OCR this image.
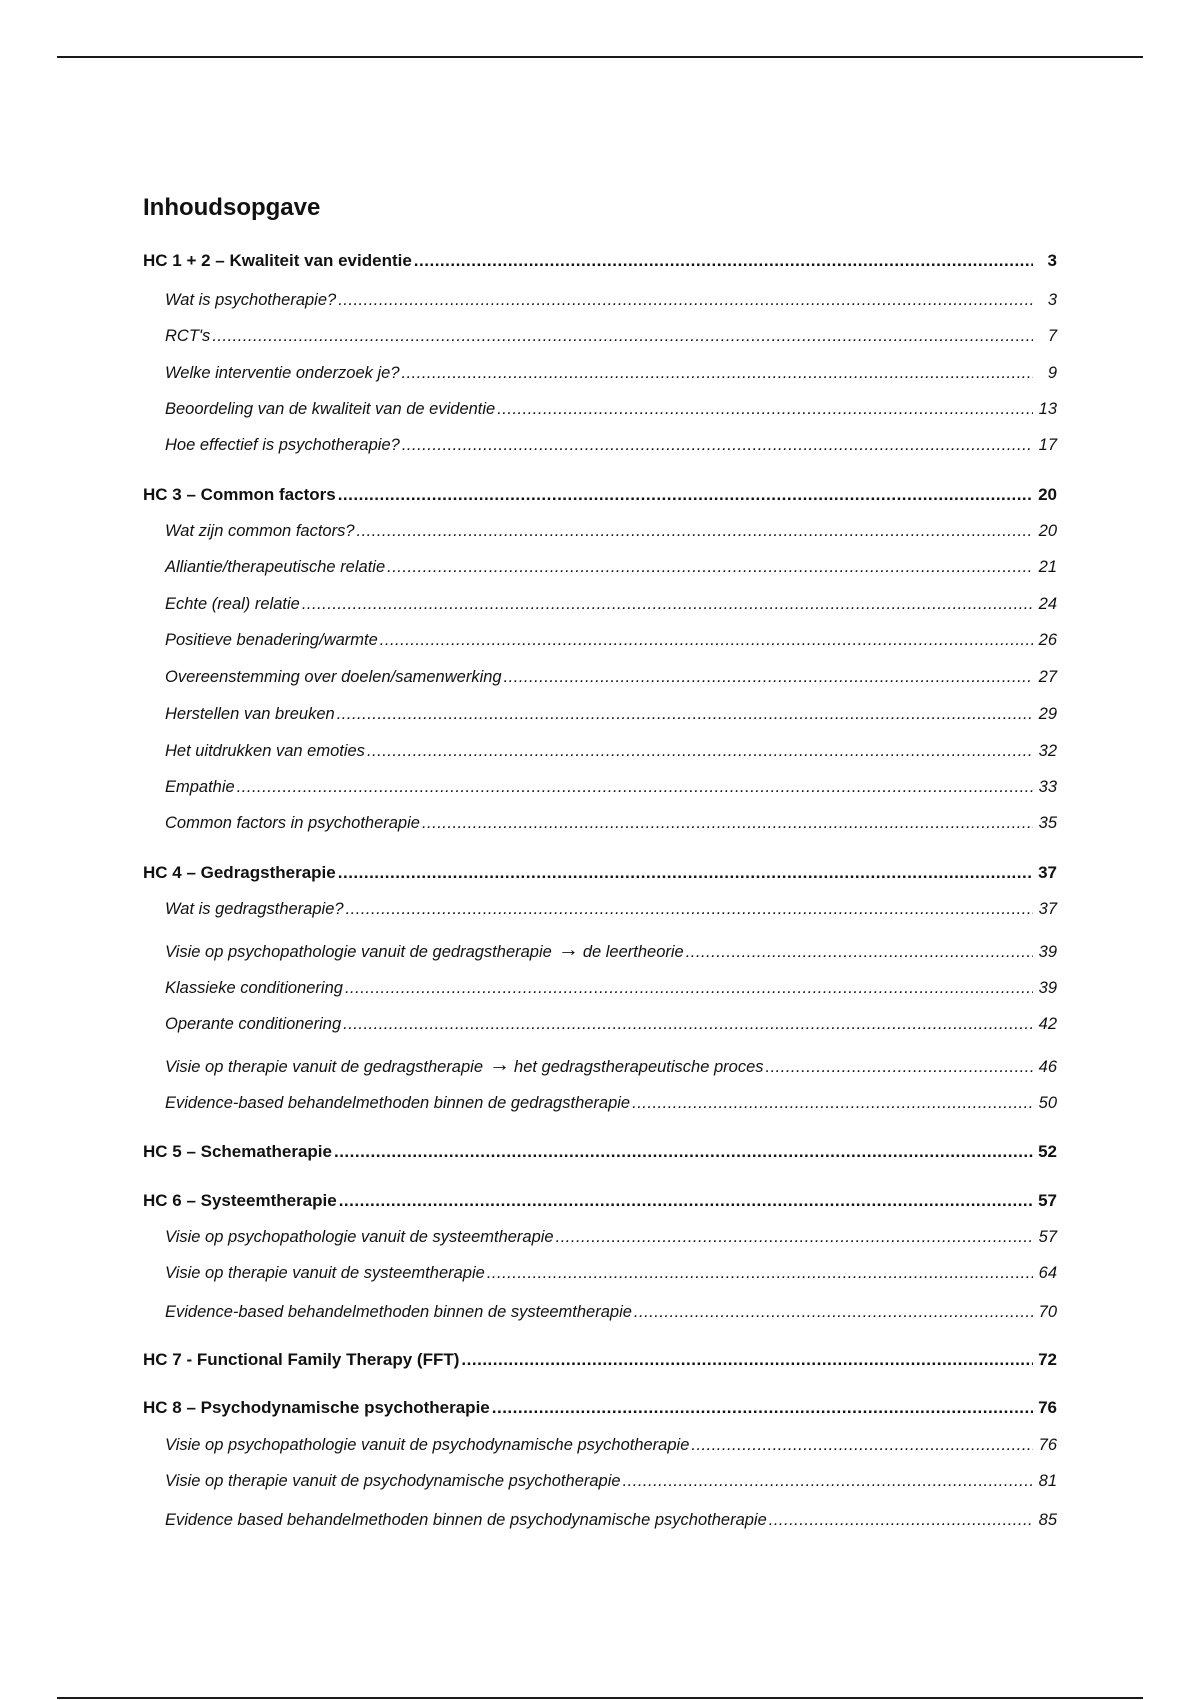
Inhoudsopgave
HC 1 + 2 – Kwaliteit van evidentie .....	3
Wat is psychotherapie? .....	3
RCT's .....	7
Welke interventie onderzoek je? .....	9
Beoordeling van de kwaliteit van de evidentie .....	13
Hoe effectief is psychotherapie? .....	17
HC 3 – Common factors .....	20
Wat zijn common factors? .....	20
Alliantie/therapeutische relatie .....	21
Echte (real) relatie .....	24
Positieve benadering/warmte .....	26
Overeenstemming over doelen/samenwerking .....	27
Herstellen van breuken .....	29
Het uitdrukken van emoties .....	32
Empathie .....	33
Common factors in psychotherapie .....	35
HC 4 – Gedragstherapie .....	37
Wat is gedragstherapie? .....	37
Visie op psychopathologie vanuit de gedragstherapie → de leertheorie .....	39
Klassieke conditionering .....	39
Operante conditionering .....	42
Visie op therapie vanuit de gedragstherapie → het gedragstherapeutische proces .....	46
Evidence-based behandelmethoden binnen de gedragstherapie .....	50
HC 5 – Schematherapie .....	52
HC 6 – Systeemtherapie .....	57
Visie op psychopathologie vanuit de systeemtherapie .....	57
Visie op therapie vanuit de systeemtherapie .....	64
Evidence-based behandelmethoden binnen de systeemtherapie .....	70
HC 7 - Functional Family Therapy (FFT) .....	72
HC 8 – Psychodynamische psychotherapie .....	76
Visie op psychopathologie vanuit de psychodynamische psychotherapie .....	76
Visie op therapie vanuit de psychodynamische psychotherapie .....	81
Evidence based behandelmethoden binnen de psychodynamische psychotherapie .....	85
